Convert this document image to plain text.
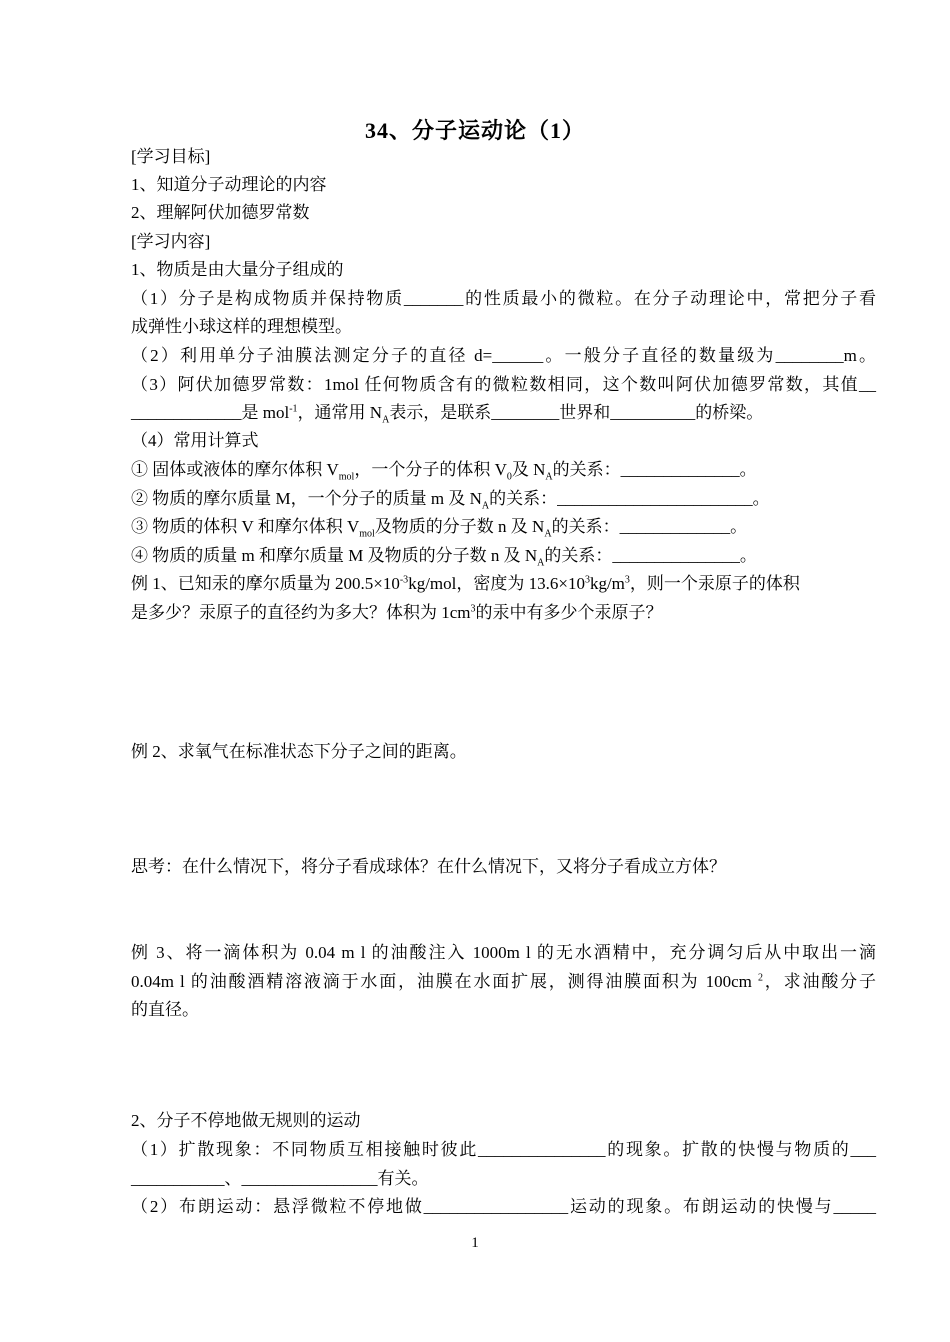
34、分子运动论（1）
[学习目标]
1、知道分子动理论的内容
2、理解阿伏加德罗常数
[学习内容]
1、物质是由大量分子组成的
（1）分子是构成物质并保持物质_______的性质最小的微粒。在分子动理论中，常把分子看
成弹性小球这样的理想模型。
（2）利用单分子油膜法测定分子的直径 d=______。一般分子直径的数量级为________m。
（3）阿伏加德罗常数：1mol 任何物质含有的微粒数相同，这个数叫阿伏加德罗常数，其值__
_____________是 mol$^{-1}$，通常用 $N_A$表示，是联系________世界和__________的桥梁。
（4）常用计算式
① 固体或液体的摩尔体积 $V_{mol}$，一个分子的体积 $V_0$及 $N_A$的关系：______________。
② 物质的摩尔质量 M，一个分子的质量 m 及 $N_A$的关系：_______________________。
③ 物质的体积 V 和摩尔体积 $V_{mol}$及物质的分子数 n 及 $N_A$的关系：_____________。
④ 物质的质量 m 和摩尔质量 M 及物质的分子数 n 及 $N_A$的关系：_______________。
例 1、已知汞的摩尔质量为 $200.5\times 10^{-3}kg$/mol，密度为 $13.6\times 10^3kg/m^3$，则一个汞原子的体积
是多少？汞原子的直径约为多大？体积为 $1cm^3$的汞中有多少个汞原子？
例 2、求氧气在标准状态下分子之间的距离。
思考：在什么情况下，将分子看成球体？在什么情况下，又将分子看成立方体？
例 3、将一滴体积为 0.04 m l 的油酸注入 1000m l 的无水酒精中，充分调匀后从中取出一滴
0.04m l 的油酸酒精溶液滴于水面，油膜在水面扩展，测得油膜面积为 100cm $^2$，求油酸分子
的直径。
2、分子不停地做无规则的运动
（1）扩散现象：不同物质互相接触时彼此_______________的现象。扩散的快慢与物质的___
___________、________________有关。
（2）布朗运动：悬浮微粒不停地做_________________运动的现象。布朗运动的快慢与_____
1
